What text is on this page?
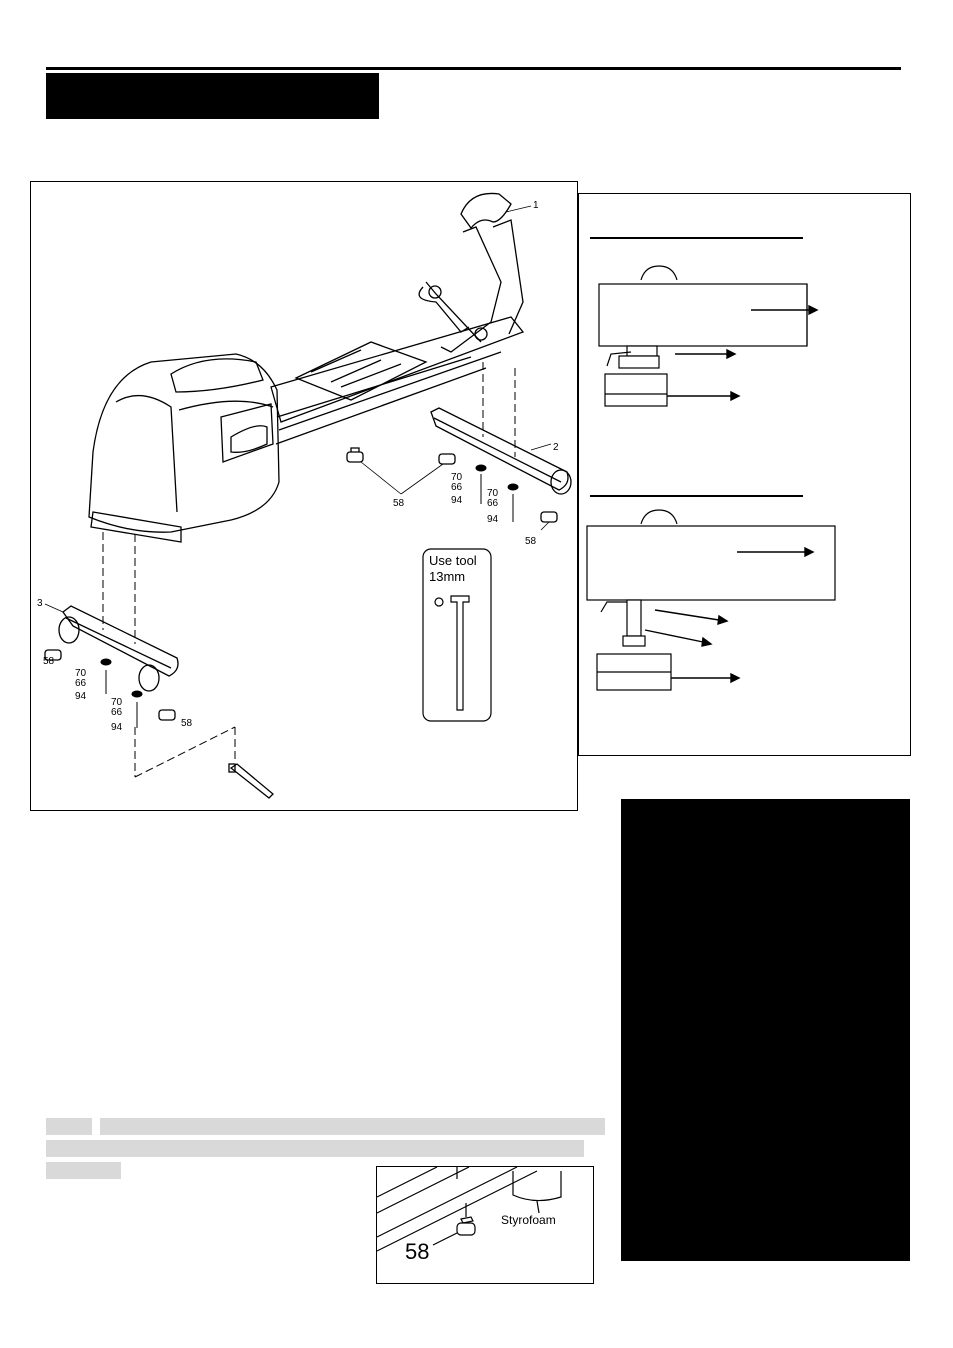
1
2
3
58
58
58
58
70
66
94
70
66
94
70
66
94
70
66
94
Use tool
13mm
58
Styrofoam
